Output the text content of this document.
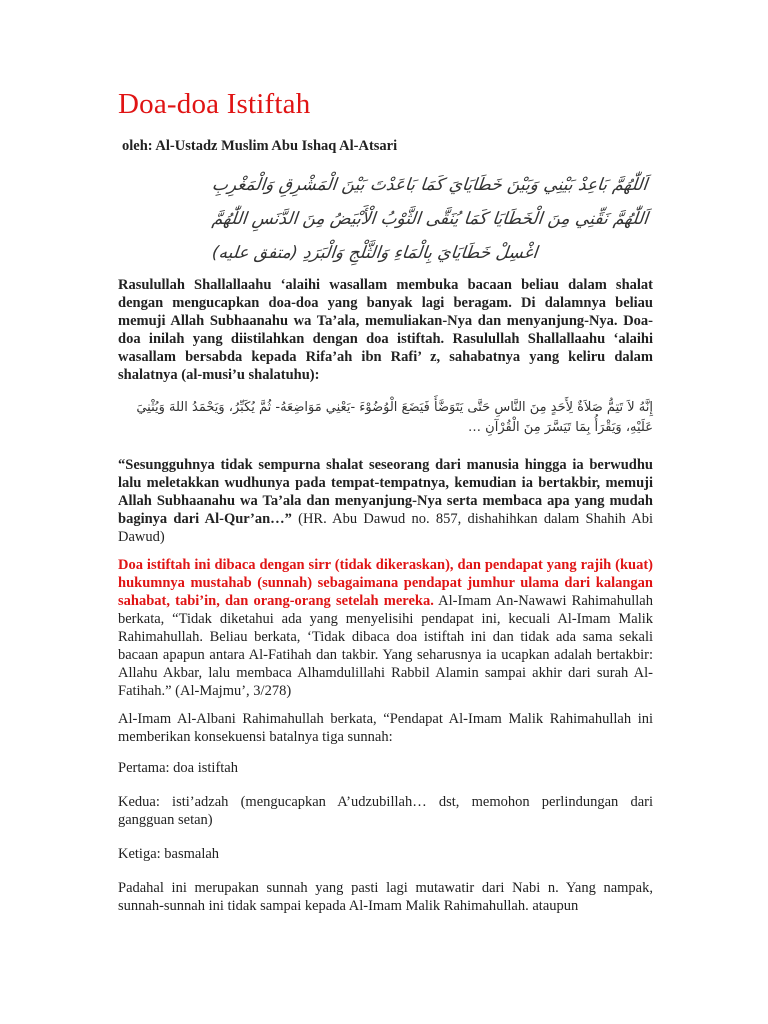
Doa-doa Istiftah
oleh: Al-Ustadz Muslim Abu Ishaq Al-Atsari
اَللّٰهُمَّ بَاعِدْ بَيْنِي وَبَيْنَ خَطَايَايَ كَمَا بَاعَدْتَ بَيْنَ الْمَشْرِقِ وَالْمَغْرِبِ
اَللّٰهُمَّ نَقِّنِي مِنَ الْخَطَايَا كَمَا يُنَقَّى الثَّوْبُ الْأَبْيَضُ مِنَ الدَّنَسِ اللّٰهُمَّ
اغْسِلْ خَطَايَايَ بِالْمَاءِ وَالثَّلْجِ وَالْبَرَدِ (متفق عليه)

Rasulullah Shallallaahu ‘alaihi wasallam membuka bacaan beliau dalam shalat dengan mengucapkan doa-doa yang banyak lagi beragam. Di dalamnya beliau memuji Allah Subhaanahu wa Ta’ala, memuliakan-Nya dan menyanjung-Nya. Doa-doa inilah yang diistilahkan dengan doa istiftah. Rasulullah Shallallaahu ‘alaihi wasallam bersabda kepada Rifa’ah ibn Rafi’ z, sahabatnya yang keliru dalam shalatnya (al-musi’u shalatuhu):

إِنَّهُ لاَ تَتِمُّ صَلاَةٌ لِأَحَدٍ مِنَ النَّاسِ حَتَّى يَتَوَضَّأَ فَيَضَعَ الْوُضُوْءَ -يَعْنِي مَوَاضِعَهُ- ثُمَّ يُكَبِّرُ، وَيَحْمَدُ اللهَ وَيُثْنِيَ عَلَيْهِ، وَيَقْرَأُ بِمَا تَيَسَّرَ مِنَ الْقُرْآنِ …

“Sesungguhnya tidak sempurna shalat seseorang dari manusia hingga ia berwudhu lalu meletakkan wudhunya pada tempat-tempatnya, kemudian ia bertakbir, memuji Allah Subhaanahu wa Ta’ala dan menyanjung-Nya serta membaca apa yang mudah baginya dari Al-Qur’an…” (HR. Abu Dawud no. 857, dishahihkan dalam Shahih Abi Dawud)

Doa istiftah ini dibaca dengan sirr (tidak dikeraskan), dan pendapat yang rajih (kuat) hukumnya mustahab (sunnah) sebagaimana pendapat jumhur ulama dari kalangan sahabat, tabi’in, dan orang-orang setelah mereka. Al-Imam An-Nawawi Rahimahullah berkata, “Tidak diketahui ada yang menyelisihi pendapat ini, kecuali Al-Imam Malik Rahimahullah. Beliau berkata, ‘Tidak dibaca doa istiftah ini dan tidak ada sama sekali bacaan apapun antara Al-Fatihah dan takbir. Yang seharusnya ia ucapkan adalah bertakbir: Allahu Akbar, lalu membaca Alhamdulillahi Rabbil Alamin sampai akhir dari surah Al-Fatihah.” (Al-Majmu’, 3/278)

Al-Imam Al-Albani Rahimahullah berkata, “Pendapat Al-Imam Malik Rahimahullah ini memberikan konsekuensi batalnya tiga sunnah:

Pertama: doa istiftah

Kedua: isti’adzah (mengucapkan A’udzubillah… dst, memohon perlindungan dari gangguan setan)

Ketiga: basmalah

Padahal ini merupakan sunnah yang pasti lagi mutawatir dari Nabi n. Yang nampak, sunnah-sunnah ini tidak sampai kepada Al-Imam Malik Rahimahullah. ataupun
